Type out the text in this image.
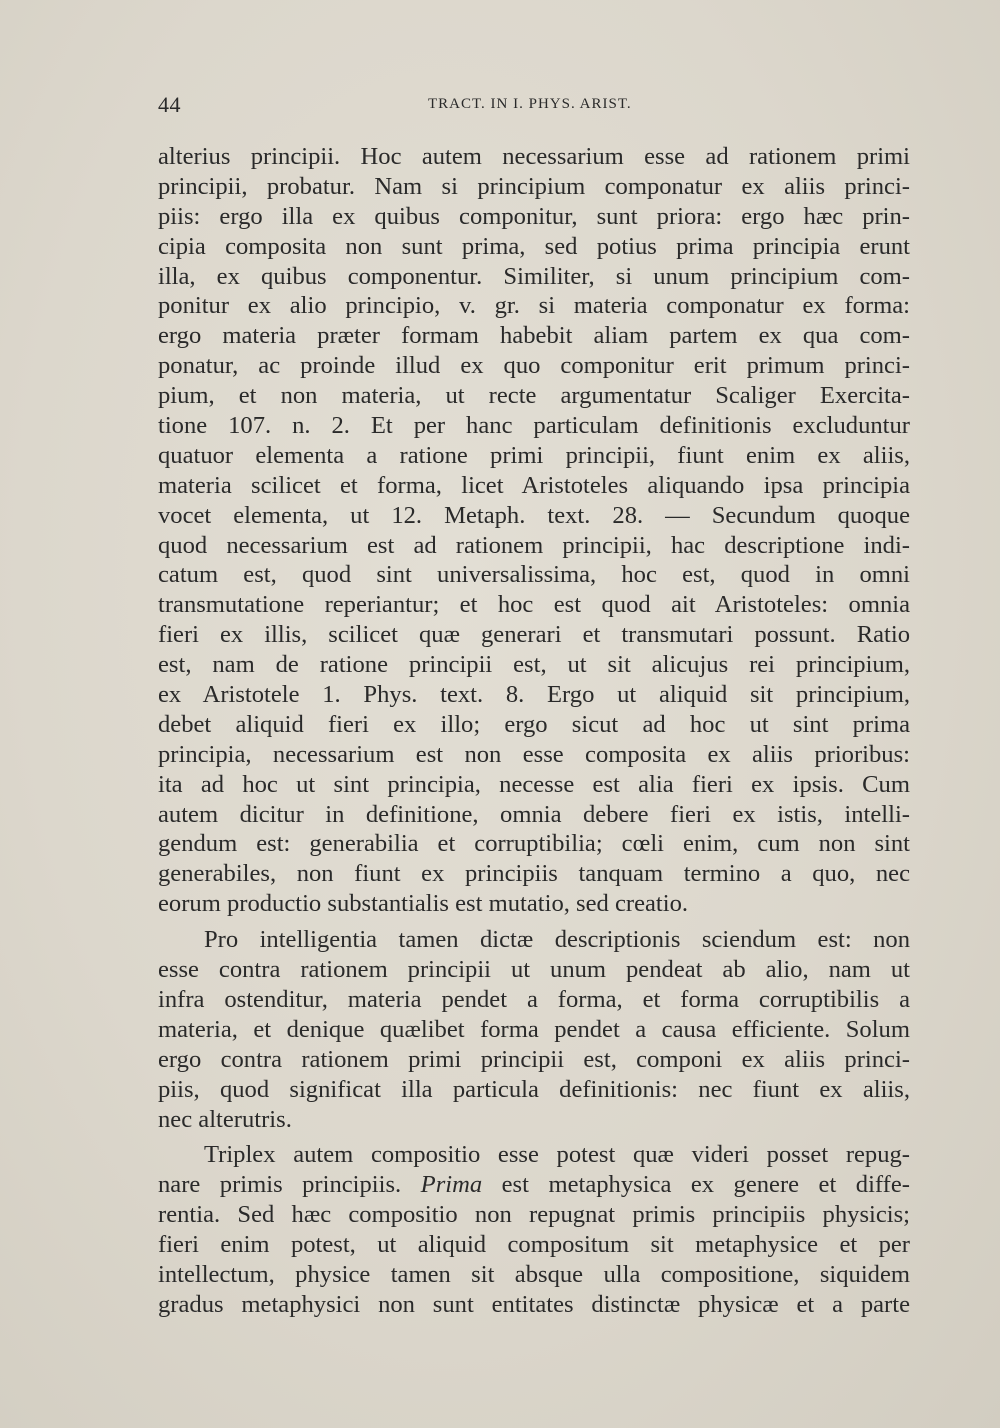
44	TRACT. IN I. PHYS. ARIST.
alterius principii. Hoc autem necessarium esse ad rationem primi
principii, probatur. Nam si principium componatur ex aliis princi-
piis: ergo illa ex quibus componitur, sunt priora: ergo hæc prin-
cipia composita non sunt prima, sed potius prima principia erunt
illa, ex quibus componentur. Similiter, si unum principium com-
ponitur ex alio principio, v. gr. si materia componatur ex forma:
ergo materia præter formam habebit aliam partem ex qua com-
ponatur, ac proinde illud ex quo componitur erit primum princi-
pium, et non materia, ut recte argumentatur Scaliger Exercita-
tione 107. n. 2. Et per hanc particulam definitionis excluduntur
quatuor elementa a ratione primi principii, fiunt enim ex aliis,
materia scilicet et forma, licet Aristoteles aliquando ipsa principia
vocet elementa, ut 12. Metaph. text. 28. — Secundum quoque
quod necessarium est ad rationem principii, hac descriptione indi-
catum est, quod sint universalissima, hoc est, quod in omni
transmutatione reperiantur; et hoc est quod ait Aristoteles: omnia
fieri ex illis, scilicet quæ generari et transmutari possunt. Ratio
est, nam de ratione principii est, ut sit alicujus rei principium,
ex Aristotele 1. Phys. text. 8. Ergo ut aliquid sit principium,
debet aliquid fieri ex illo; ergo sicut ad hoc ut sint prima
principia, necessarium est non esse composita ex aliis prioribus:
ita ad hoc ut sint principia, necesse est alia fieri ex ipsis. Cum
autem dicitur in definitione, omnia debere fieri ex istis, intelli-
gendum est: generabilia et corruptibilia; cœli enim, cum non sint
generabiles, non fiunt ex principiis tanquam termino a quo, nec
eorum productio substantialis est mutatio, sed creatio.
Pro intelligentia tamen dictæ descriptionis sciendum est: non
esse contra rationem principii ut unum pendeat ab alio, nam ut
infra ostenditur, materia pendet a forma, et forma corruptibilis a
materia, et denique quælibet forma pendet a causa efficiente. Solum
ergo contra rationem primi principii est, componi ex aliis princi-
piis, quod significat illa particula definitionis: nec fiunt ex aliis,
nec alterutris.
Triplex autem compositio esse potest quæ videri posset repug-
nare primis principiis. Prima est metaphysica ex genere et diffe-
rentia. Sed hæc compositio non repugnat primis principiis physicis;
fieri enim potest, ut aliquid compositum sit metaphysice et per
intellectum, physice tamen sit absque ulla compositione, siquidem
gradus metaphysici non sunt entitates distinctæ physicæ et a parte
